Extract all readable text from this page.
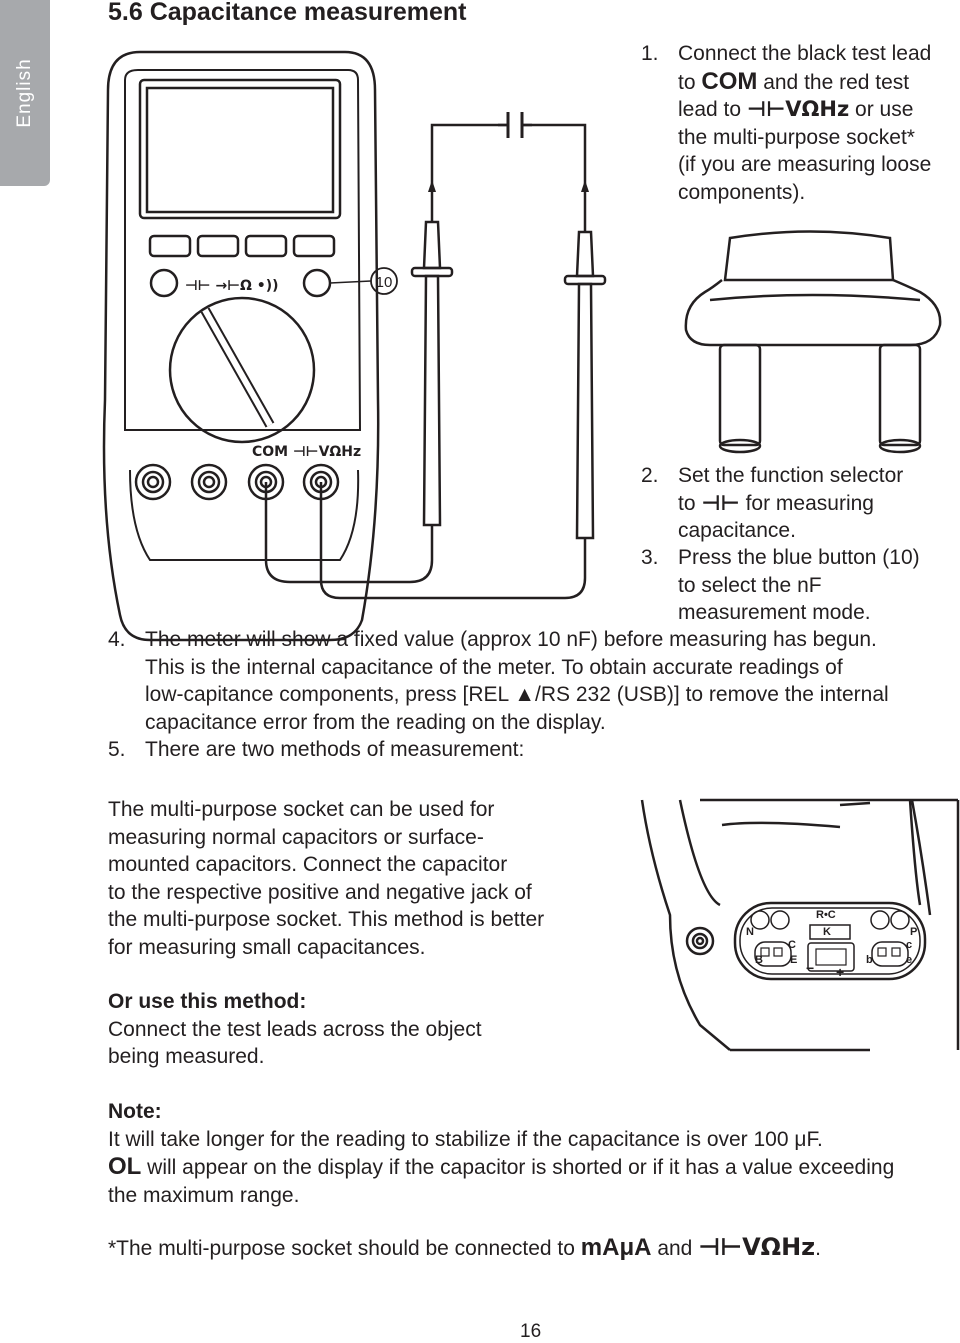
English
5.6 Capacitance measurement
10
⊣⊢ →⊢Ω •))
COM ⊣⊢VΩHz
1. Connect the black test lead
to COM and the red test
lead to ⊣⊢VΩHz or use
the multi-purpose socket*
(if you are measuring loose
components).
2. Set the function selector
to ⊣⊢ for measuring
capacitance.
3. Press the blue button (10)
to select the nF
measurement mode.
4. The meter will show a fixed value (approx 10 nF) before measuring has begun.
This is the internal capacitance of the meter. To obtain accurate readings of
low-capitance components, press [REL ▲/RS 232 (USB)] to remove the internal
capacitance error from the reading on the display.
5. There are two methods of measurement:
The multi-purpose socket can be used for
measuring normal capacitors or surface-
mounted capacitors. Connect the capacitor
to the respective positive and negative jack of
the multi-purpose socket. This method is better
for measuring small capacitances.
R•C
N	K	P
C
B E
c
b	e
− +
Or use this method:
Connect the test leads across the object
being measured.
Note:
It will take longer for the reading to stabilize if the capacitance is over 100 μF.
OL will appear on the display if the capacitor is shorted or if it has a value exceeding
the maximum range.
*The multi-purpose socket should be connected to mAμA and ⊣⊢VΩHz.
16
